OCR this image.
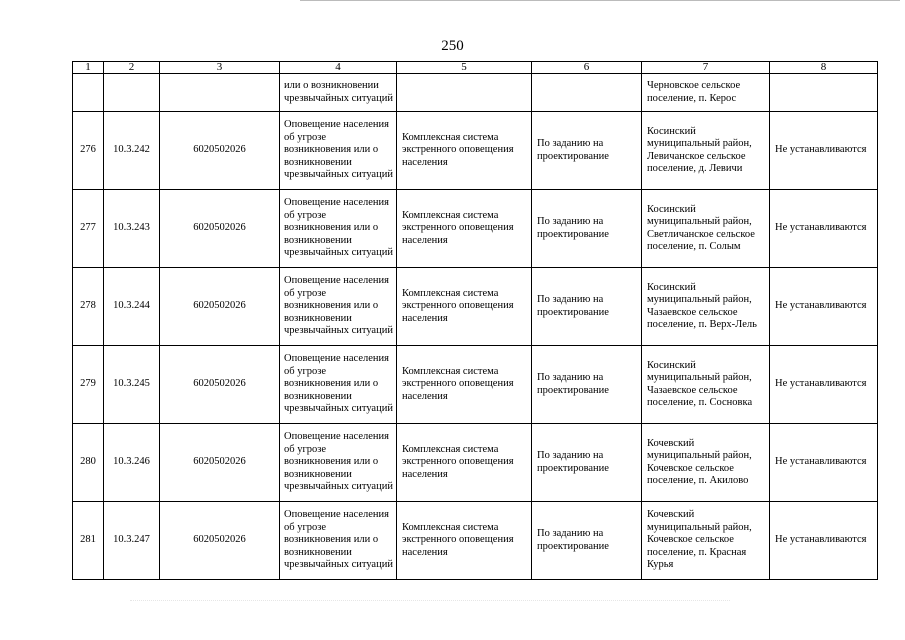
250
1	2	3	4	5	6	7	8
			или о возникновении чрезвычайных ситуаций			Черновское сельское поселение, п. Керос	
276	10.3.242	6020502026	Оповещение населения об угрозе возникновения или о возникновении чрезвычайных ситуаций	Комплексная система экстренного оповещения населения	По заданию на проектирование	Косинский муниципальный район, Левичанское сельское поселение, д. Левичи	Не устанавливаются
277	10.3.243	6020502026	Оповещение населения об угрозе возникновения или о возникновении чрезвычайных ситуаций	Комплексная система экстренного оповещения населения	По заданию на проектирование	Косинский муниципальный район, Светличанское сельское поселение, п. Солым	Не устанавливаются
278	10.3.244	6020502026	Оповещение населения об угрозе возникновения или о возникновении чрезвычайных ситуаций	Комплексная система экстренного оповещения населения	По заданию на проектирование	Косинский муниципальный район, Чазаевское сельское поселение, п. Верх-Лель	Не устанавливаются
279	10.3.245	6020502026	Оповещение населения об угрозе возникновения или о возникновении чрезвычайных ситуаций	Комплексная система экстренного оповещения населения	По заданию на проектирование	Косинский муниципальный район, Чазаевское сельское поселение, п. Сосновка	Не устанавливаются
280	10.3.246	6020502026	Оповещение населения об угрозе возникновения или о возникновении чрезвычайных ситуаций	Комплексная система экстренного оповещения населения	По заданию на проектирование	Кочевский муниципальный район, Кочевское сельское поселение, п. Акилово	Не устанавливаются
281	10.3.247	6020502026	Оповещение населения об угрозе возникновения или о возникновении чрезвычайных ситуаций	Комплексная система экстренного оповещения населения	По заданию на проектирование	Кочевский муниципальный район, Кочевское сельское поселение, п. Красная Курья	Не устанавливаются
